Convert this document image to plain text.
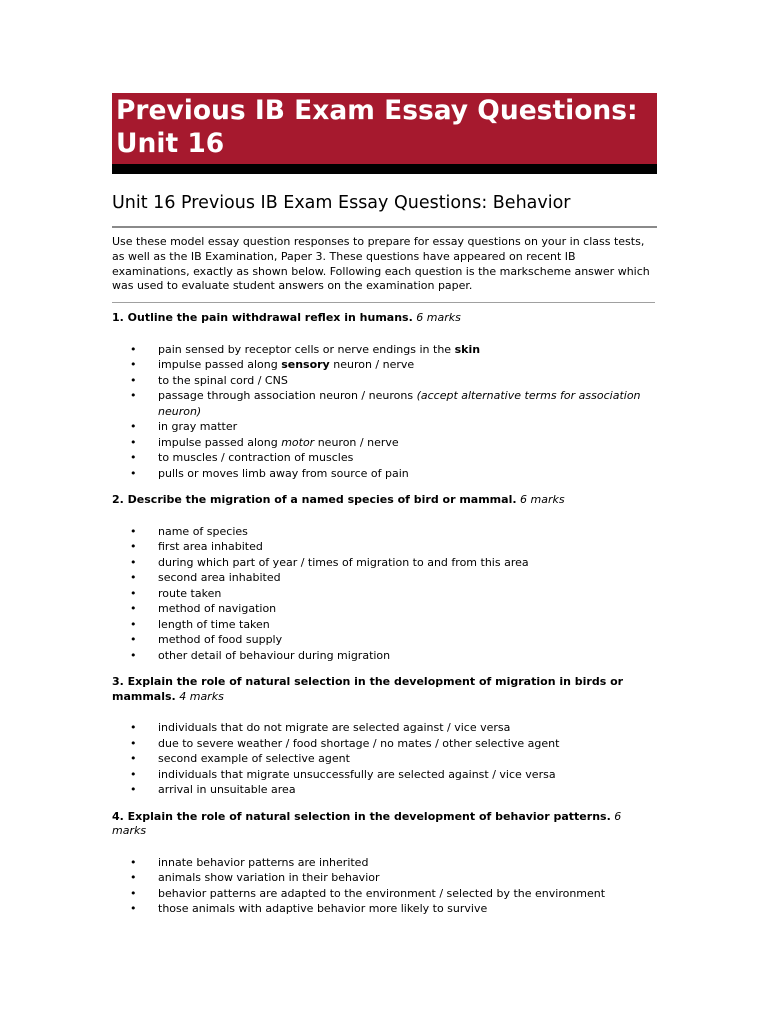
Previous IB Exam Essay Questions:
Unit 16
Unit 16 Previous IB Exam Essay Questions: Behavior
Use these model essay question responses to prepare for essay questions on your in class tests, as well as the IB Examination, Paper 3. These questions have appeared on recent IB examinations, exactly as shown below. Following each question is the markscheme answer which was used to evaluate student answers on the examination paper.
1. Outline the pain withdrawal reflex in humans. 6 marks
• pain sensed by receptor cells or nerve endings in the skin
• impulse passed along sensory neuron / nerve
• to the spinal cord / CNS
• passage through association neuron / neurons (accept alternative terms for association neuron)
• in gray matter
• impulse passed along motor neuron / nerve
• to muscles / contraction of muscles
• pulls or moves limb away from source of pain
2. Describe the migration of a named species of bird or mammal. 6 marks
• name of species
• first area inhabited
• during which part of year / times of migration to and from this area
• second area inhabited
• route taken
• method of navigation
• length of time taken
• method of food supply
• other detail of behaviour during migration
3. Explain the role of natural selection in the development of migration in birds or mammals. 4 marks
• individuals that do not migrate are selected against / vice versa
• due to severe weather / food shortage / no mates / other selective agent
• second example of selective agent
• individuals that migrate unsuccessfully are selected against / vice versa
• arrival in unsuitable area
4. Explain the role of natural selection in the development of behavior patterns. 6 marks
• innate behavior patterns are inherited
• animals show variation in their behavior
• behavior patterns are adapted to the environment / selected by the environment
• those animals with adaptive behavior more likely to survive
